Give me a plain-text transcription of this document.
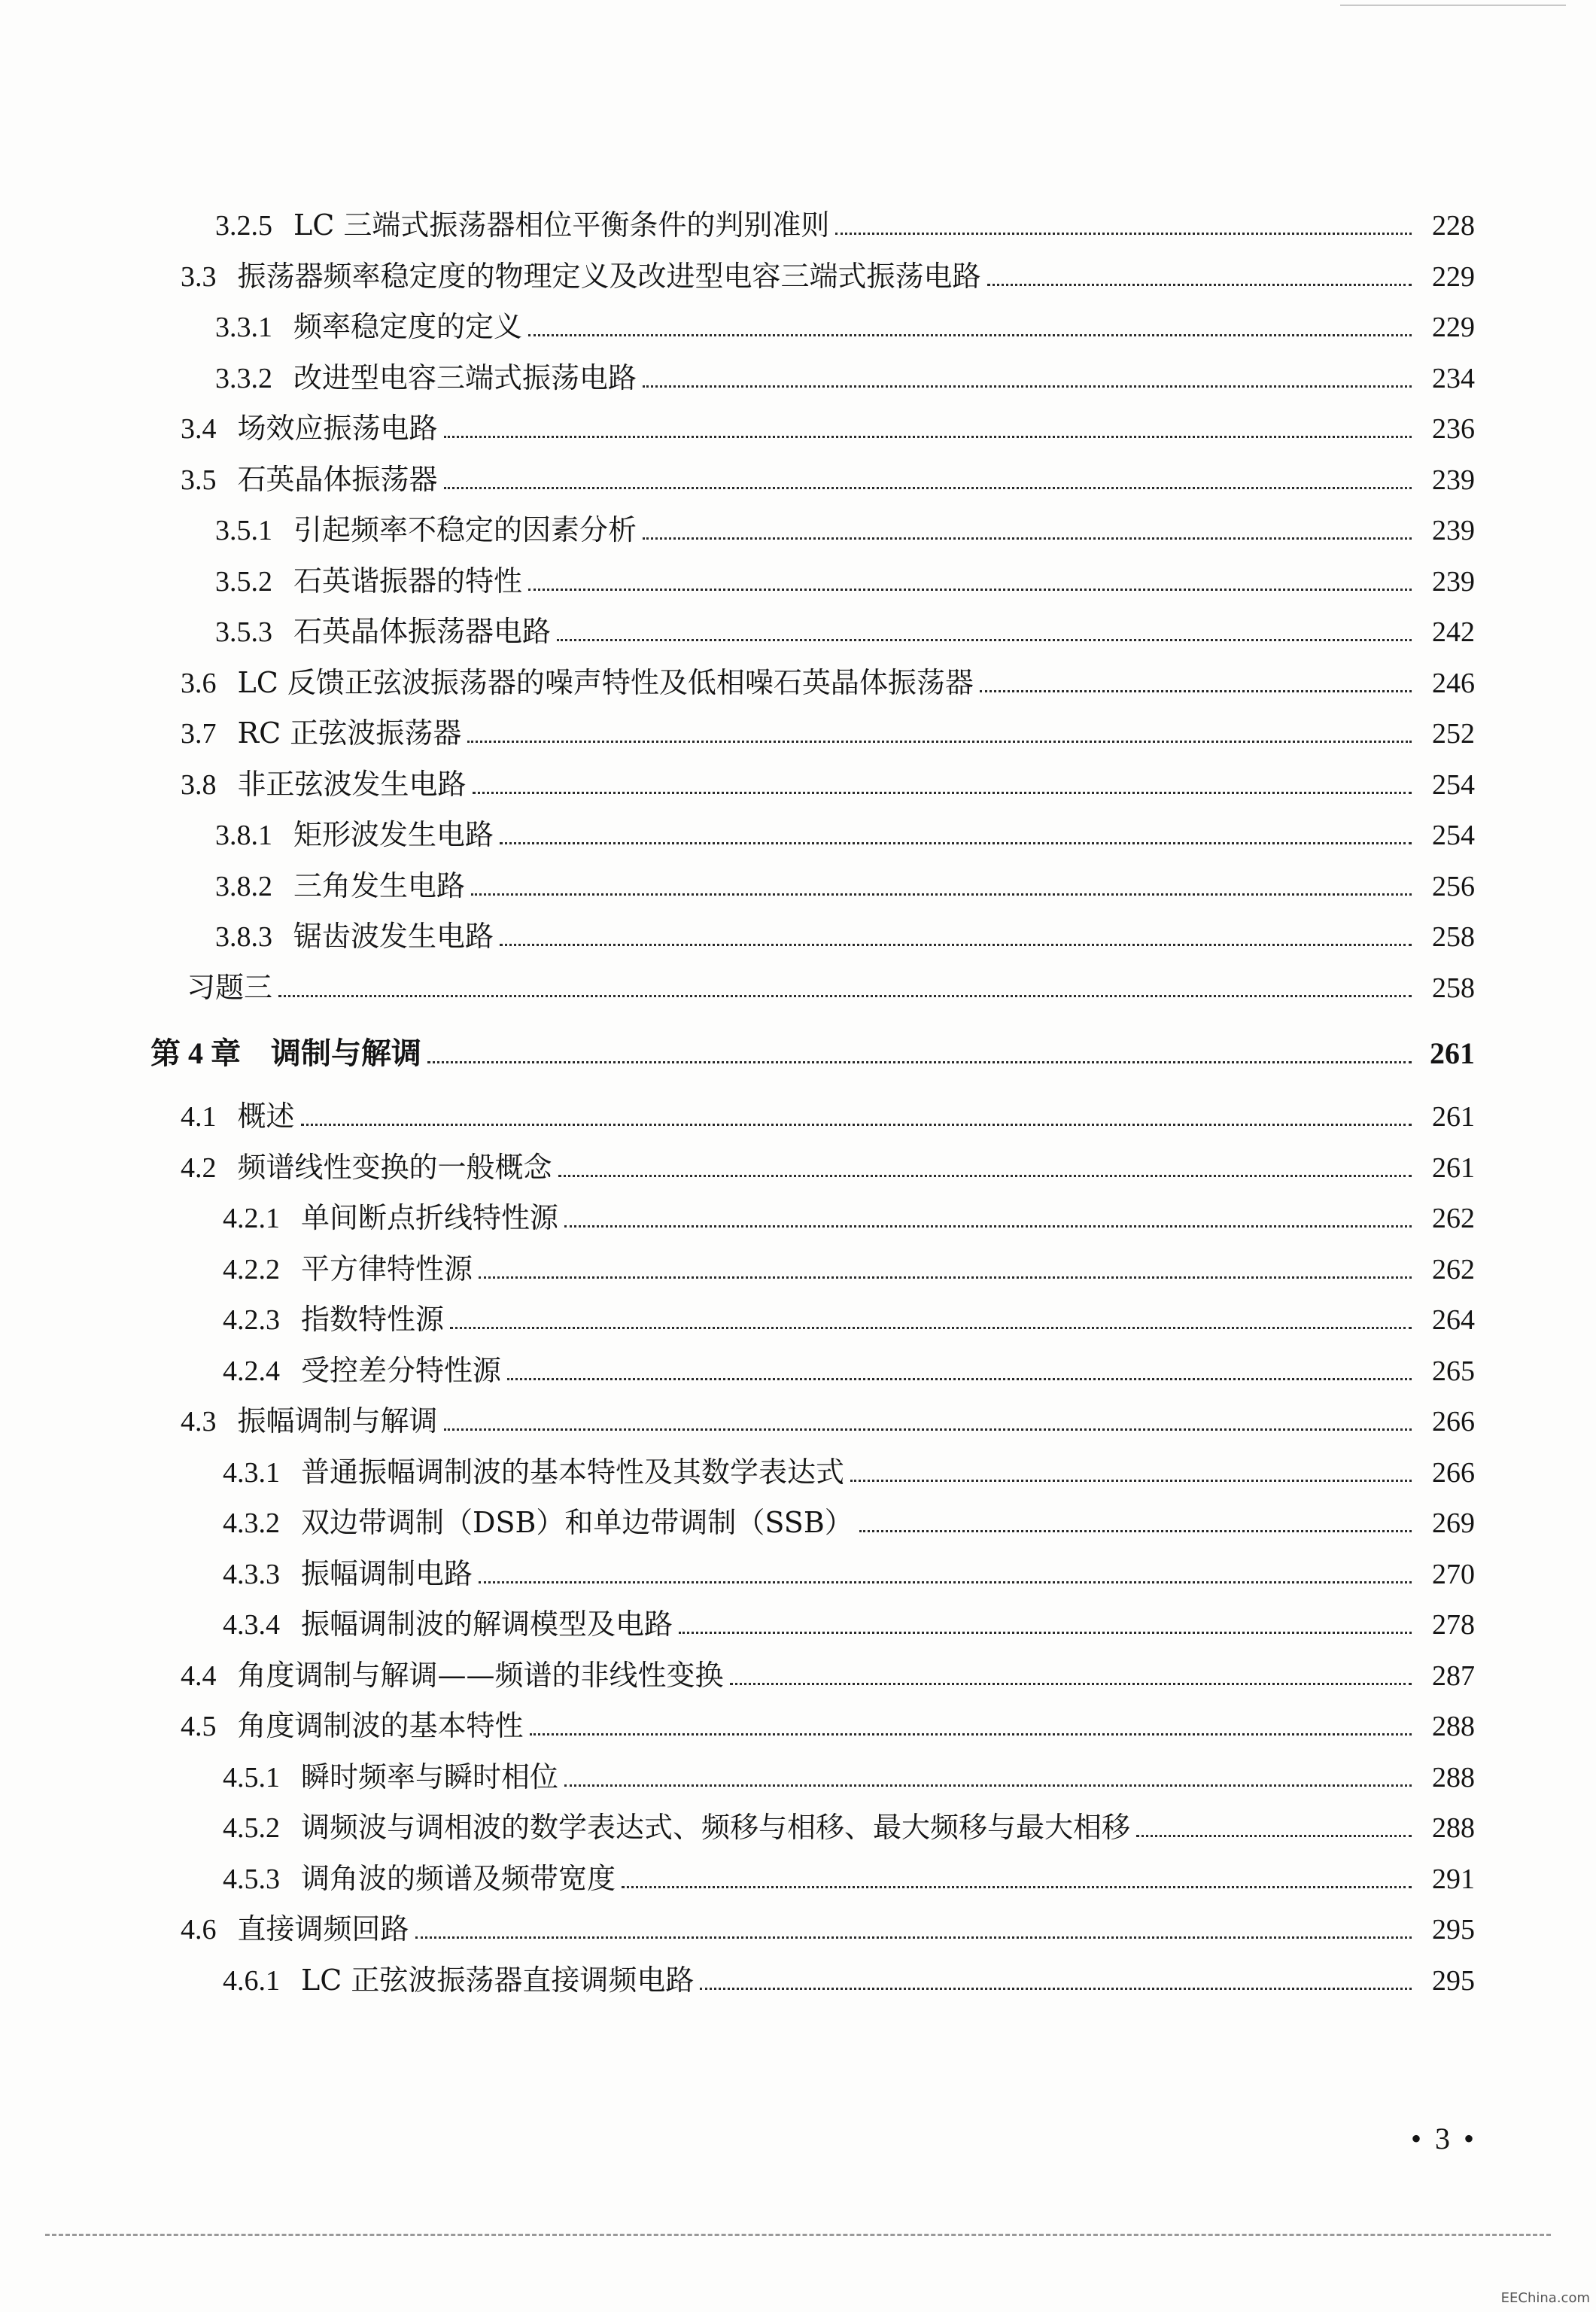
3.2.5 LC 三端式振荡器相位平衡条件的判别准则	228
3.3 振荡器频率稳定度的物理定义及改进型电容三端式振荡电路	229
3.3.1 频率稳定度的定义	229
3.3.2 改进型电容三端式振荡电路	234
3.4 场效应振荡电路	236
3.5 石英晶体振荡器	239
3.5.1 引起频率不稳定的因素分析	239
3.5.2 石英谐振器的特性	239
3.5.3 石英晶体振荡器电路	242
3.6 LC 反馈正弦波振荡器的噪声特性及低相噪石英晶体振荡器	246
3.7 RC 正弦波振荡器	252
3.8 非正弦波发生电路	254
3.8.1 矩形波发生电路	254
3.8.2 三角发生电路	256
3.8.3 锯齿波发生电路	258
习题三	258
第 4 章 调制与解调	261
4.1 概述	261
4.2 频谱线性变换的一般概念	261
4.2.1 单间断点折线特性源	262
4.2.2 平方律特性源	262
4.2.3 指数特性源	264
4.2.4 受控差分特性源	265
4.3 振幅调制与解调	266
4.3.1 普通振幅调制波的基本特性及其数学表达式	266
4.3.2 双边带调制（DSB）和单边带调制（SSB）	269
4.3.3 振幅调制电路	270
4.3.4 振幅调制波的解调模型及电路	278
4.4 角度调制与解调——频谱的非线性变换	287
4.5 角度调制波的基本特性	288
4.5.1 瞬时频率与瞬时相位	288
4.5.2 调频波与调相波的数学表达式、频移与相移、最大频移与最大相移	288
4.5.3 调角波的频谱及频带宽度	291
4.6 直接调频回路	295
4.6.1 LC 正弦波振荡器直接调频电路	295
• 3 •
EEChina.com
